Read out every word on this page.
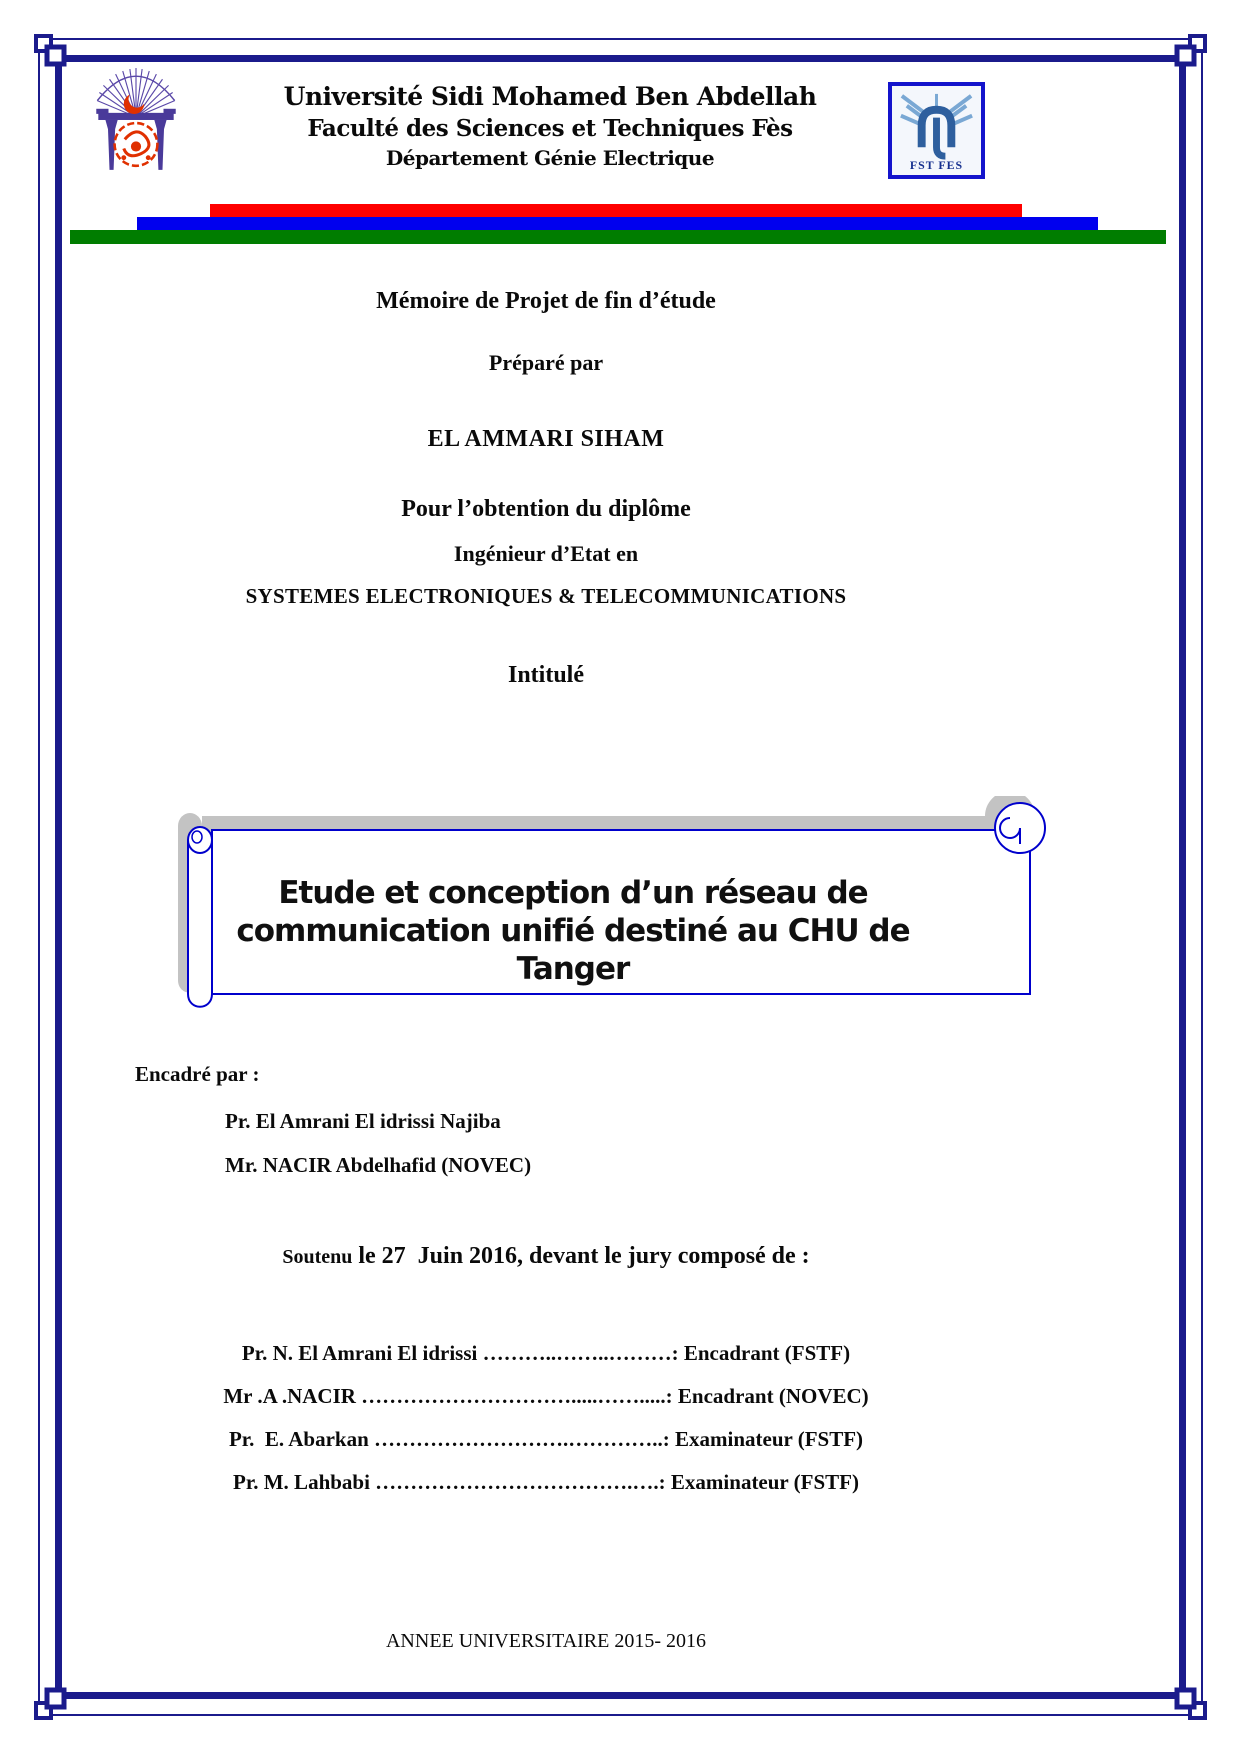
Université Sidi Mohamed Ben Abdellah
Faculté des Sciences et Techniques Fès
Département Génie Electrique	FST FES
Mémoire de Projet de fin d’étude
Préparé par
EL AMMARI SIHAM
Pour l’obtention du diplôme
Ingénieur d’Etat en
SYSTEMES ELECTRONIQUES & TELECOMMUNICATIONS
Intitulé
Etude et conception d’un réseau de
communication unifié destiné au CHU de
Tanger
Encadré par :
Pr. El Amrani El idrissi Najiba
Mr. NACIR Abdelhafid (NOVEC)
Soutenu le 27  Juin 2016, devant le jury composé de :
Pr. N. El Amrani El idrissi ………..……..………: Encadrant (FSTF)
Mr .A .NACIR ………………………….....…….....: Encadrant (NOVEC)
Pr.  E. Abarkan ……………………….…………..: Examinateur (FSTF)
Pr. M. Lahbabi ……………………………….….: Examinateur (FSTF)
ANNEE UNIVERSITAIRE 2015- 2016
